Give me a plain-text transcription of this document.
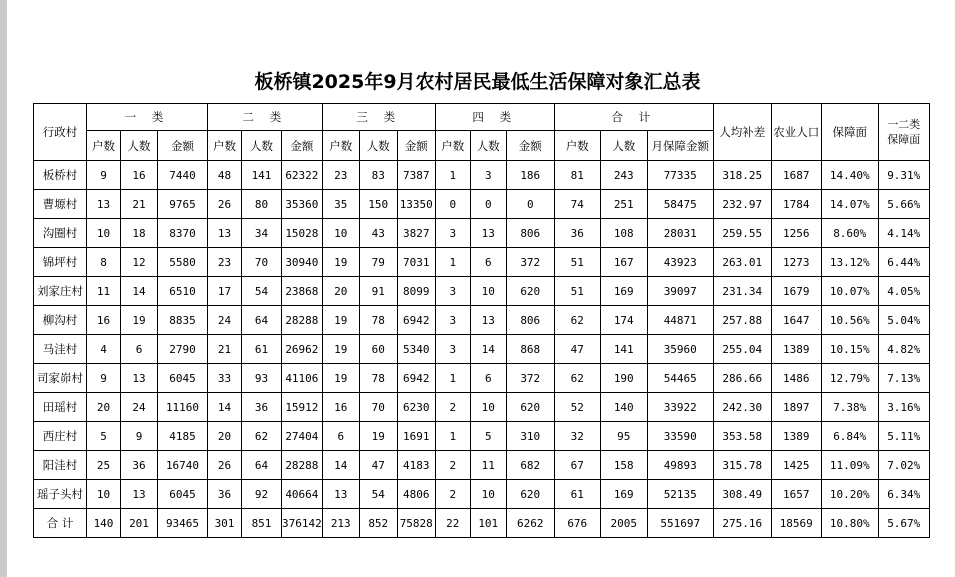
板桥镇2025年9月农村居民最低生活保障对象汇总表
行政村	一 类			二 类			三 类			四 类			合 计			人均补差	农业人口	保障面	一二类
保障面

	户数	人数	金额	户数	人数	金额	户数	人数	金额	户数	人数	金额	户数	人数	月保障金额				
板桥村	9	16	7440	48	141	62322	23	83	7387	1	3	186	81	243	77335	318.25	1687	14.40%	9.31%
曹塬村	13	21	9765	26	80	35360	35	150	13350	0	0	0	74	251	58475	232.97	1784	14.07%	5.66%
沟圈村	10	18	8370	13	34	15028	10	43	3827	3	13	806	36	108	28031	259.55	1256	8.60%	4.14%
锦坪村	8	12	5580	23	70	30940	19	79	7031	1	6	372	51	167	43923	263.01	1273	13.12%	6.44%
刘家庄村	11	14	6510	17	54	23868	20	91	8099	3	10	620	51	169	39097	231.34	1679	10.07%	4.05%
柳沟村	16	19	8835	24	64	28288	19	78	6942	3	13	806	62	174	44871	257.88	1647	10.56%	5.04%
马洼村	4	6	2790	21	61	26962	19	60	5340	3	14	868	47	141	35960	255.04	1389	10.15%	4.82%
司家峁村	9	13	6045	33	93	41106	19	78	6942	1	6	372	62	190	54465	286.66	1486	12.79%	7.13%
田瑶村	20	24	11160	14	36	15912	16	70	6230	2	10	620	52	140	33922	242.30	1897	7.38%	3.16%
西庄村	5	9	4185	20	62	27404	6	19	1691	1	5	310	32	95	33590	353.58	1389	6.84%	5.11%
阳洼村	25	36	16740	26	64	28288	14	47	4183	2	11	682	67	158	49893	315.78	1425	11.09%	7.02%
瑶子头村	10	13	6045	36	92	40664	13	54	4806	2	10	620	61	169	52135	308.49	1657	10.20%	6.34%
合 计	140	201	93465	301	851	376142	213	852	75828	22	101	6262	676	2005	551697	275.16	18569	10.80%	5.67%
